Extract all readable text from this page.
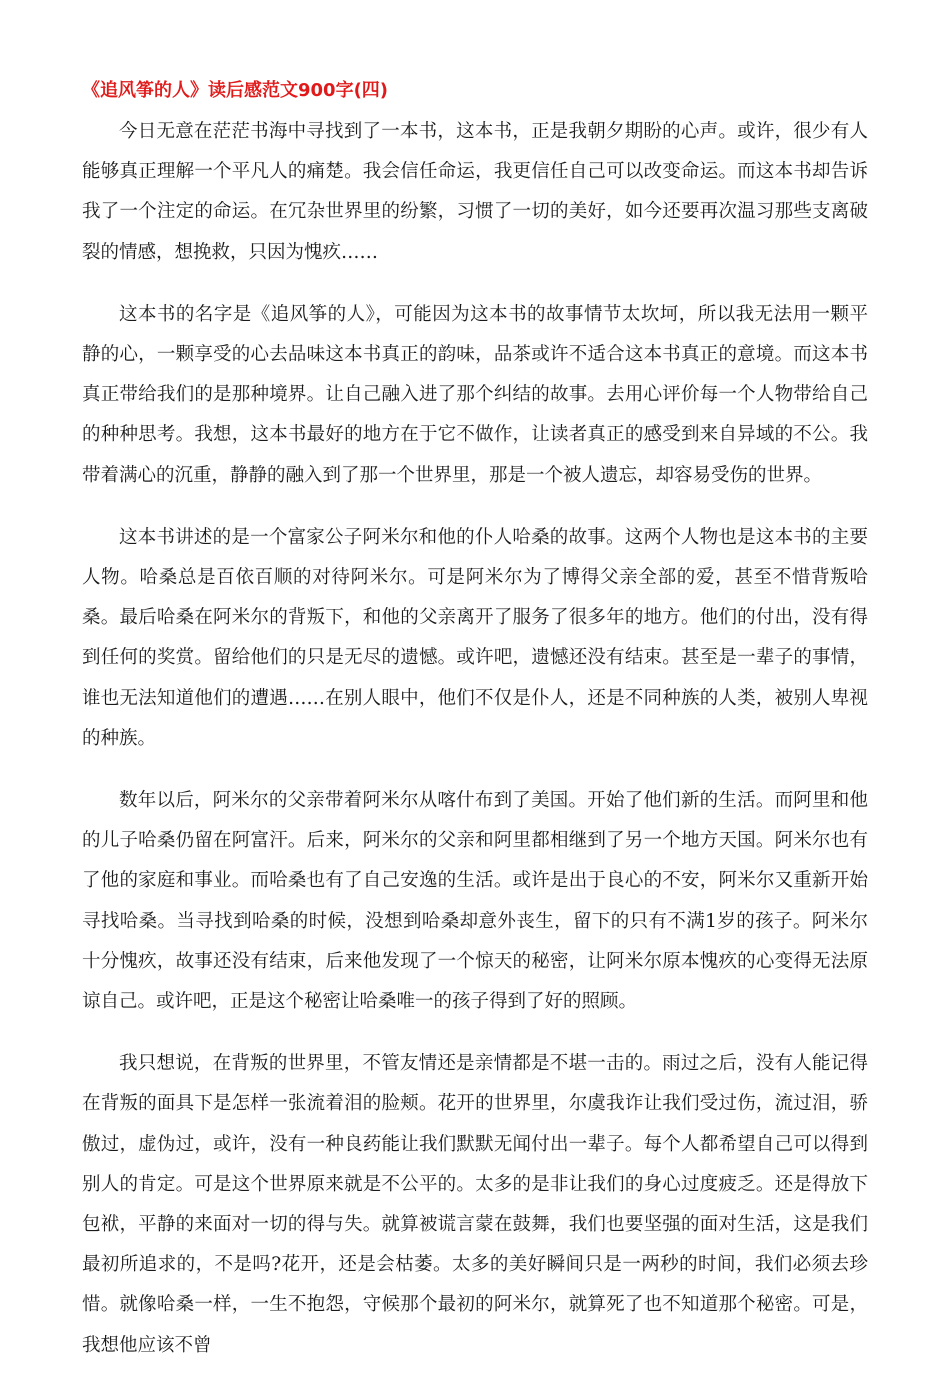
《追风筝的人》读后感范文900字(四)

今日无意在茫茫书海中寻找到了一本书，这本书，正是我朝夕期盼的心声。或许，很少有人能够真正理解一个平凡人的痛楚。我会信任命运，我更信任自己可以改变命运。而这本书却告诉我了一个注定的命运。在冗杂世界里的纷繁，习惯了一切的美好，如今还要再次温习那些支离破裂的情感，想挽救，只因为愧疚……

这本书的名字是《追风筝的人》，可能因为这本书的故事情节太坎坷，所以我无法用一颗平静的心，一颗享受的心去品味这本书真正的韵味，品茶或许不适合这本书真正的意境。而这本书真正带给我们的是那种境界。让自己融入进了那个纠结的故事。去用心评价每一个人物带给自己的种种思考。我想，这本书最好的地方在于它不做作，让读者真正的感受到来自异域的不公。我带着满心的沉重，静静的融入到了那一个世界里，那是一个被人遗忘，却容易受伤的世界。

这本书讲述的是一个富家公子阿米尔和他的仆人哈桑的故事。这两个人物也是这本书的主要人物。哈桑总是百依百顺的对待阿米尔。可是阿米尔为了博得父亲全部的爱，甚至不惜背叛哈桑。最后哈桑在阿米尔的背叛下，和他的父亲离开了服务了很多年的地方。他们的付出，没有得到任何的奖赏。留给他们的只是无尽的遗憾。或许吧，遗憾还没有结束。甚至是一辈子的事情，谁也无法知道他们的遭遇……在别人眼中，他们不仅是仆人，还是不同种族的人类，被别人卑视的种族。

数年以后，阿米尔的父亲带着阿米尔从喀什布到了美国。开始了他们新的生活。而阿里和他的儿子哈桑仍留在阿富汗。后来，阿米尔的父亲和阿里都相继到了另一个地方天国。阿米尔也有了他的家庭和事业。而哈桑也有了自己安逸的生活。或许是出于良心的不安，阿米尔又重新开始寻找哈桑。当寻找到哈桑的时候，没想到哈桑却意外丧生，留下的只有不满1岁的孩子。阿米尔十分愧疚，故事还没有结束，后来他发现了一个惊天的秘密，让阿米尔原本愧疚的心变得无法原谅自己。或许吧，正是这个秘密让哈桑唯一的孩子得到了好的照顾。

我只想说，在背叛的世界里，不管友情还是亲情都是不堪一击的。雨过之后，没有人能记得在背叛的面具下是怎样一张流着泪的脸颊。花开的世界里，尔虞我诈让我们受过伤，流过泪，骄傲过，虚伪过，或许，没有一种良药能让我们默默无闻付出一辈子。每个人都希望自己可以得到别人的肯定。可是这个世界原来就是不公平的。太多的是非让我们的身心过度疲乏。还是得放下包袱，平静的来面对一切的得与失。就算被谎言蒙在鼓舞，我们也要坚强的面对生活，这是我们最初所追求的，不是吗?花开，还是会枯萎。太多的美好瞬间只是一两秒的时间，我们必须去珍惜。就像哈桑一样，一生不抱怨，守候那个最初的阿米尔，就算死了也不知道那个秘密。可是，我想他应该不曾
